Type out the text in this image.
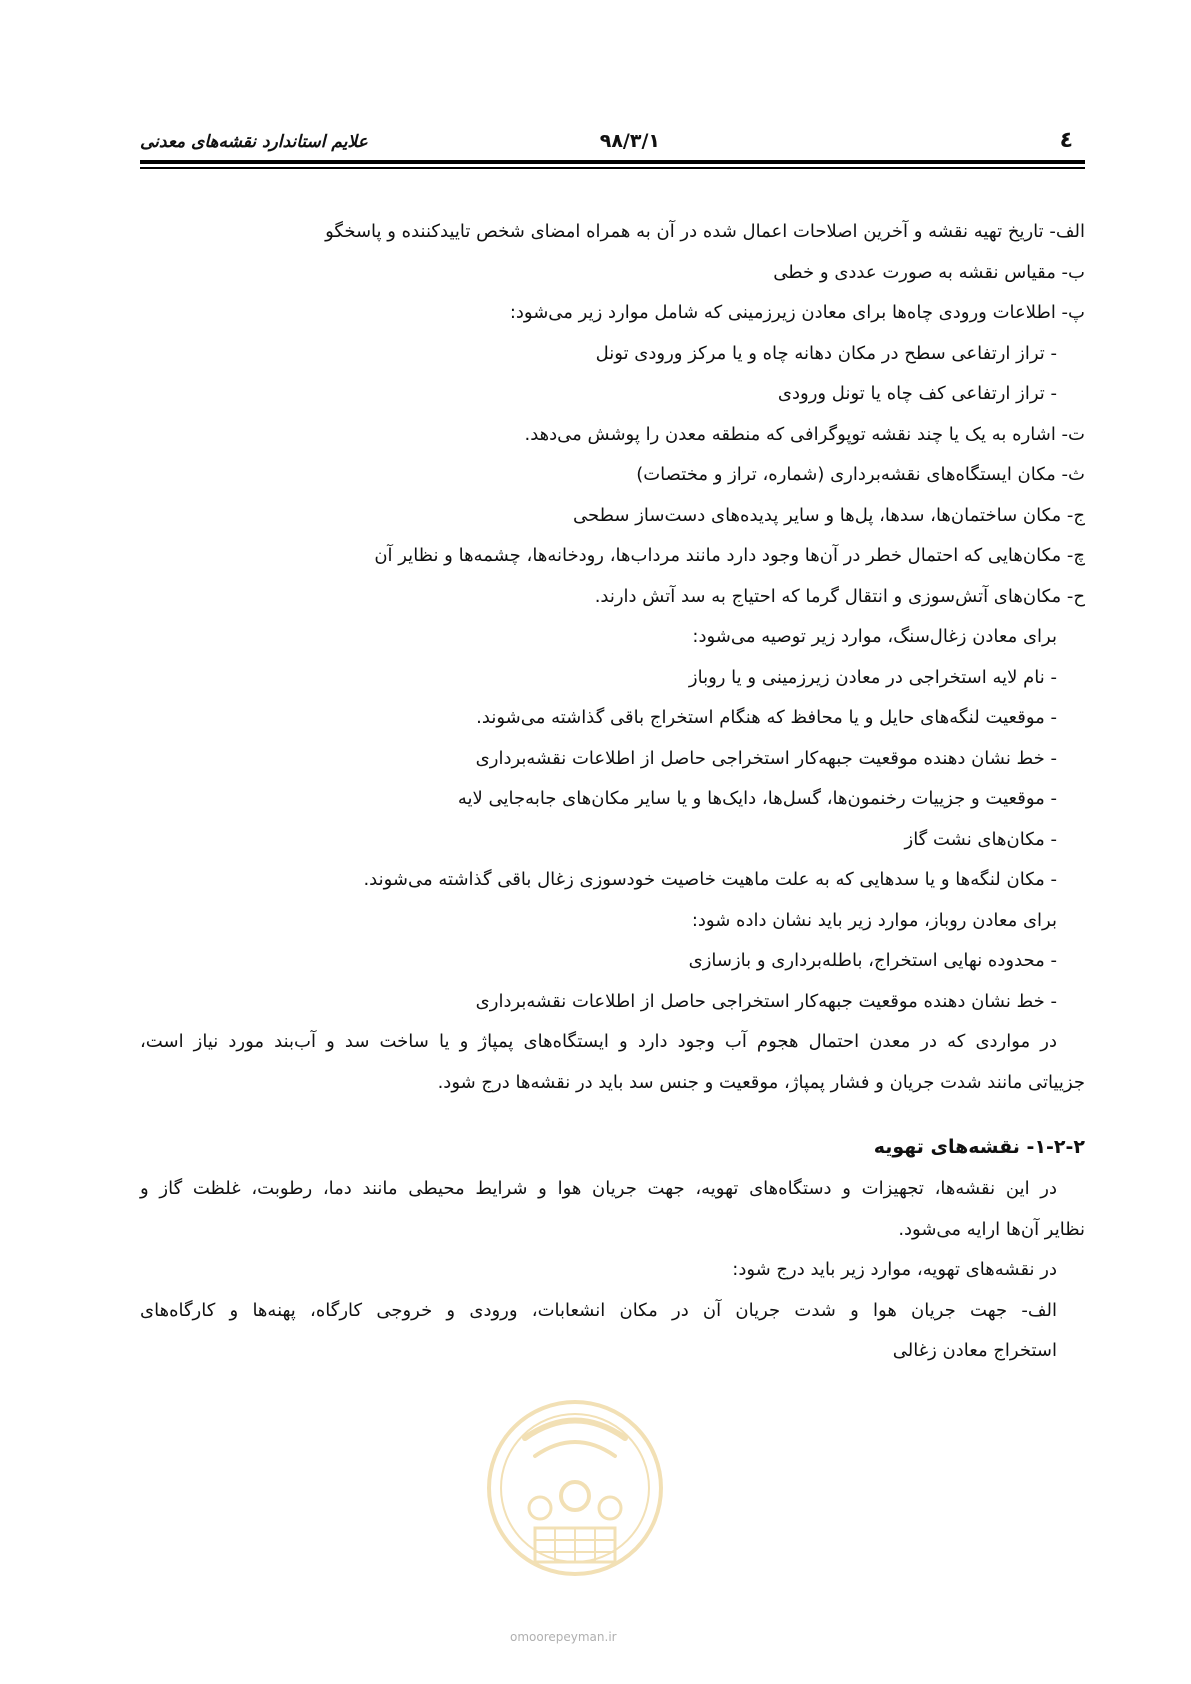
٤
۹۸/۳/۱
علایم استاندارد نقشه‌های معدنی
الف- تاریخ تهیه نقشه و آخرین اصلاحات اعمال شده در آن به همراه امضای شخص تاییدکننده و پاسخگو
ب- مقیاس نقشه به صورت عددی و خطی
پ- اطلاعات ورودی چاه‌ها برای معادن زیرزمینی که شامل موارد زیر می‌شود:
- تراز ارتفاعی سطح در مکان دهانه چاه و یا مرکز ورودی تونل
- تراز ارتفاعی کف چاه یا تونل ورودی
ت- اشاره به یک یا چند نقشه توپوگرافی که منطقه معدن را پوشش می‌دهد.
ث- مکان ایستگاه‌های نقشه‌برداری (شماره، تراز و مختصات)
ج- مکان ساختمان‌ها، سدها، پل‌ها و سایر پدیده‌های دست‌ساز سطحی
چ- مکان‌هایی که احتمال خطر در آن‌ها وجود دارد مانند مرداب‌ها، رودخانه‌ها، چشمه‌ها و نظایر آن
ح- مکان‌های آتش‌سوزی و انتقال گرما که احتیاج به سد آتش دارند.
برای معادن زغال‌سنگ، موارد زیر توصیه می‌شود:
- نام لایه استخراجی در معادن زیرزمینی و یا روباز
- موقعیت لنگه‌های حایل و یا محافظ که هنگام استخراج باقی گذاشته می‌شوند.
- خط نشان دهنده موقعیت جبهه‌کار استخراجی حاصل از اطلاعات نقشه‌برداری
- موقعیت و جزییات رخنمون‌ها، گسل‌ها، دایک‌ها و یا سایر مکان‌های جابه‌جایی لایه
- مکان‌های نشت گاز
- مکان لنگه‌ها و یا سدهایی که به علت ماهیت خاصیت خودسوزی زغال باقی گذاشته می‌شوند.
برای معادن روباز، موارد زیر باید نشان داده شود:
- محدوده نهایی استخراج، باطله‌برداری و بازسازی
- خط نشان دهنده موقعیت جبهه‌کار استخراجی حاصل از اطلاعات نقشه‌برداری
در مواردی که در معدن احتمال هجوم آب وجود دارد و ایستگاه‌های پمپاژ و یا ساخت سد و آب‌بند مورد نیاز است،
جزییاتی مانند شدت جریان و فشار پمپاژ، موقعیت و جنس سد باید در نقشه‌ها درج شود.
۱-۲-۲- نقشه‌های تهویه
در این نقشه‌ها، تجهیزات و دستگاه‌های تهویه، جهت جریان هوا و شرایط محیطی مانند دما، رطوبت، غلظت گاز و
نظایر آن‌ها ارایه می‌شود.
در نقشه‌های تهویه، موارد زیر باید درج شود:
الف- جهت جریان هوا و شدت جریان آن در مکان انشعابات، ورودی و خروجی کارگاه، پهنه‌ها و کارگاه‌های
استخراج معادن زغالی
omoorepeyman.ir
